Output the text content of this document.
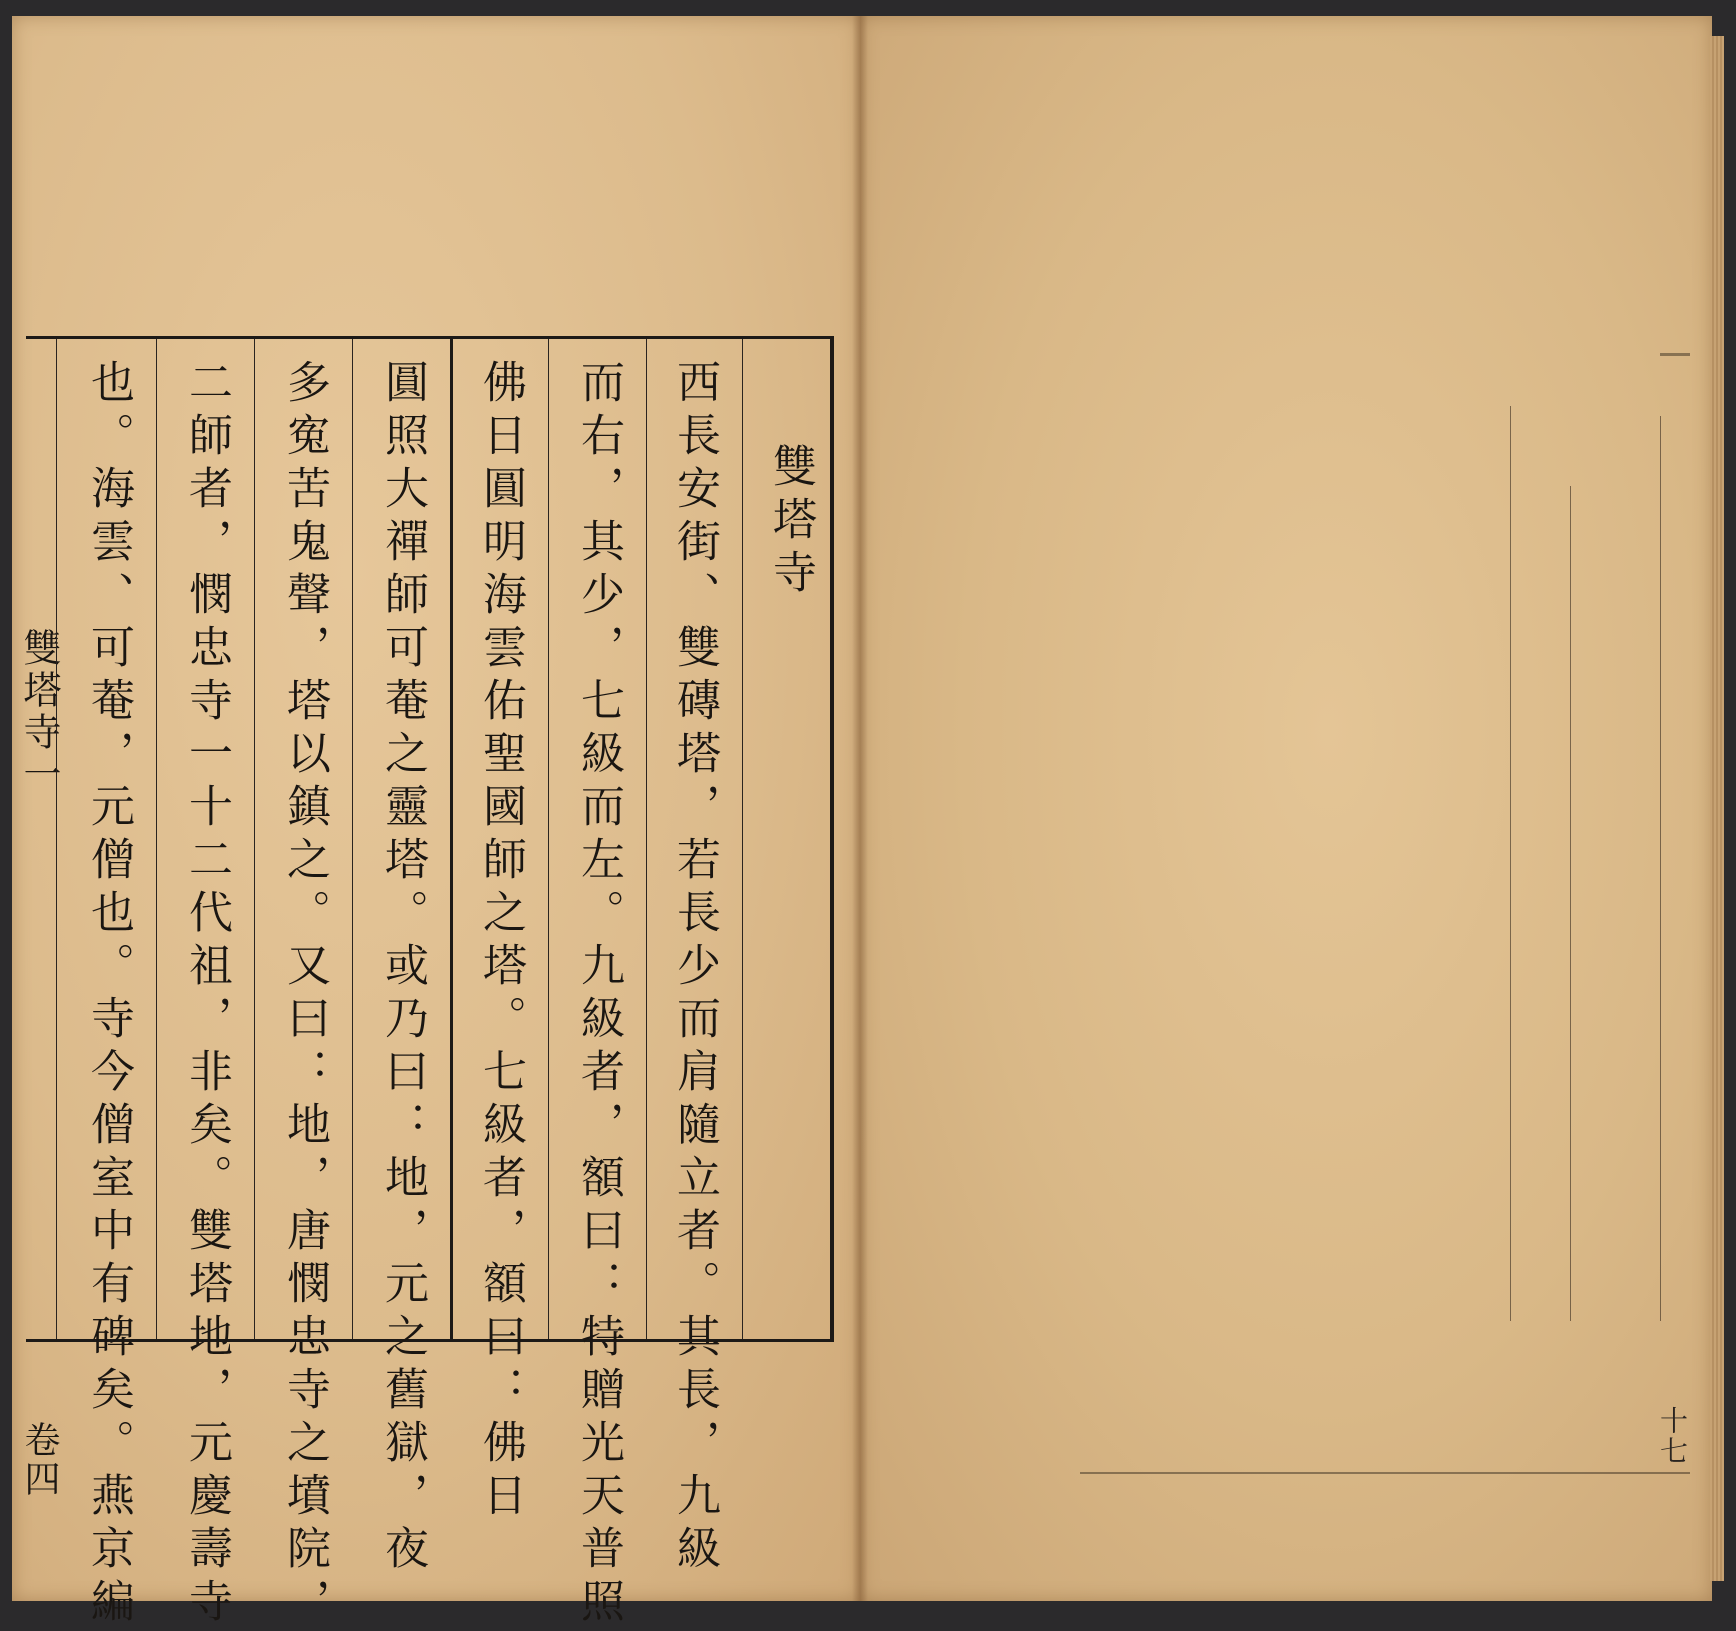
雙塔寺一

卷四

雙塔寺

西長安街、雙磚塔，若長少而肩隨立者。其長，九級

而右，其少，七級而左。九級者，額曰：特贈光天普照

佛日圓明海雲佑聖國師之塔。七級者，額曰：佛日

圓照大禪師可菴之靈塔。或乃曰：地，元之舊獄，夜

多寃苦鬼聲，塔以鎮之。又曰：地，唐憫忠寺之墳院，

二師者，憫忠寺一十二代祖，非矣。雙塔地，元慶壽寺

也。海雲、可菴，元僧也。寺今僧室中有碑矣。燕京編	十七
